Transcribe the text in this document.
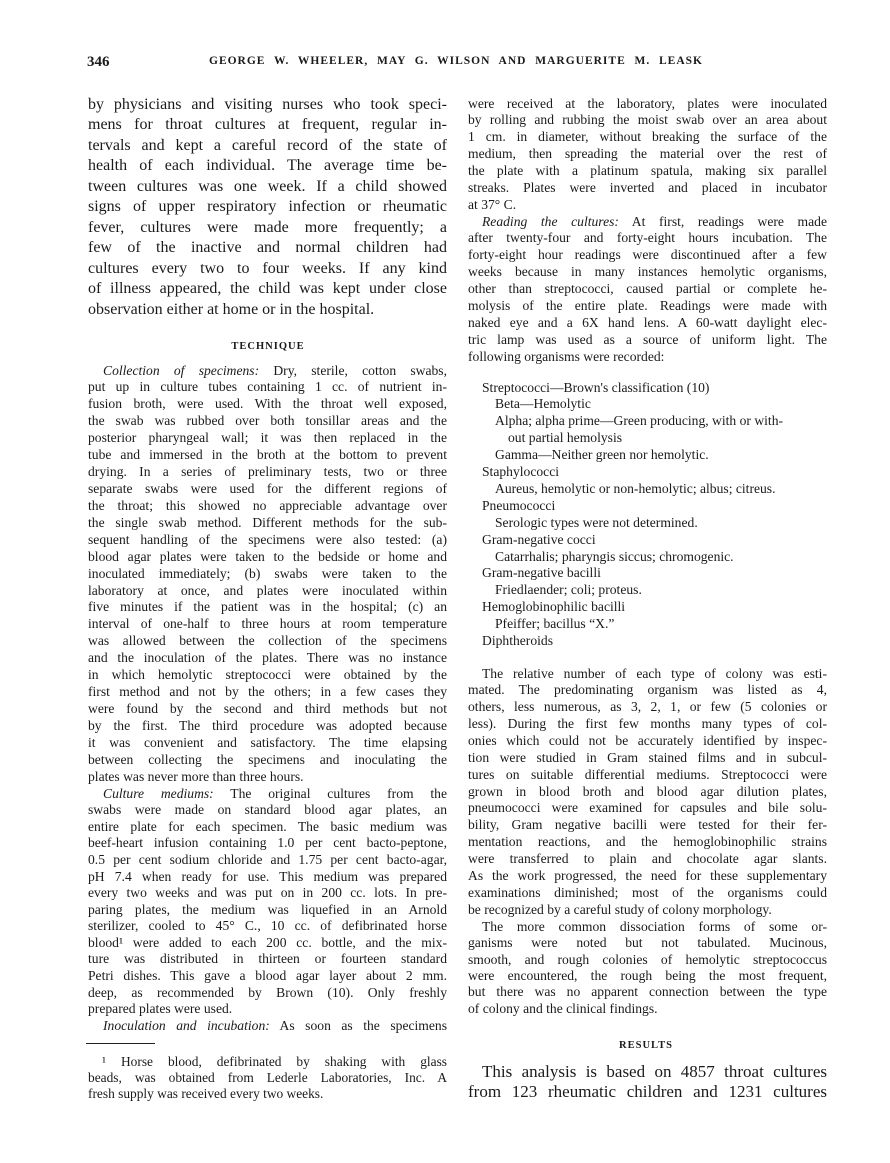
346	GEORGE W. WHEELER, MAY G. WILSON AND MARGUERITE M. LEASK
TECHNIQUE
RESULTS
by physicians and visiting nurses who took speci-
mens for throat cultures at frequent, regular in-
tervals and kept a careful record of the state of
health of each individual. The average time be-
tween cultures was one week. If a child showed
signs of upper respiratory infection or rheumatic
fever, cultures were made more frequently; a
few of the inactive and normal children had
cultures every two to four weeks. If any kind
of illness appeared, the child was kept under close
observation either at home or in the hospital.
Collection of specimens: Dry, sterile, cotton swabs,
put up in culture tubes containing 1 cc. of nutrient in-
fusion broth, were used. With the throat well exposed,
the swab was rubbed over both tonsillar areas and the
posterior pharyngeal wall; it was then replaced in the
tube and immersed in the broth at the bottom to prevent
drying. In a series of preliminary tests, two or three
separate swabs were used for the different regions of
the throat; this showed no appreciable advantage over
the single swab method. Different methods for the sub-
sequent handling of the specimens were also tested: (a)
blood agar plates were taken to the bedside or home and
inoculated immediately; (b) swabs were taken to the
laboratory at once, and plates were inoculated within
five minutes if the patient was in the hospital; (c) an
interval of one-half to three hours at room temperature
was allowed between the collection of the specimens
and the inoculation of the plates. There was no instance
in which hemolytic streptococci were obtained by the
first method and not by the others; in a few cases they
were found by the second and third methods but not
by the first. The third procedure was adopted because
it was convenient and satisfactory. The time elapsing
between collecting the specimens and inoculating the
plates was never more than three hours.
Culture mediums: The original cultures from the
swabs were made on standard blood agar plates, an
entire plate for each specimen. The basic medium was
beef-heart infusion containing 1.0 per cent bacto-peptone,
0.5 per cent sodium chloride and 1.75 per cent bacto-agar,
pH 7.4 when ready for use. This medium was prepared
every two weeks and was put on in 200 cc. lots. In pre-
paring plates, the medium was liquefied in an Arnold
sterilizer, cooled to 45° C., 10 cc. of defibrinated horse
blood¹ were added to each 200 cc. bottle, and the mix-
ture was distributed in thirteen or fourteen standard
Petri dishes. This gave a blood agar layer about 2 mm.
deep, as recommended by Brown (10). Only freshly
prepared plates were used.
Inoculation and incubation: As soon as the specimens
¹ Horse blood, defibrinated by shaking with glass
beads, was obtained from Lederle Laboratories, Inc. A
fresh supply was received every two weeks.
were received at the laboratory, plates were inoculated
by rolling and rubbing the moist swab over an area about
1 cm. in diameter, without breaking the surface of the
medium, then spreading the material over the rest of
the plate with a platinum spatula, making six parallel
streaks. Plates were inverted and placed in incubator
at 37° C.
Reading the cultures: At first, readings were made
after twenty-four and forty-eight hours incubation. The
forty-eight hour readings were discontinued after a few
weeks because in many instances hemolytic organisms,
other than streptococci, caused partial or complete he-
molysis of the entire plate. Readings were made with
naked eye and a 6X hand lens. A 60-watt daylight elec-
tric lamp was used as a source of uniform light. The
following organisms were recorded:
Streptococci—Brown's classification (10)
Beta—Hemolytic
Alpha; alpha prime—Green producing, with or with-
out partial hemolysis
Gamma—Neither green nor hemolytic.
Staphylococci
Aureus, hemolytic or non-hemolytic; albus; citreus.
Pneumococci
Serologic types were not determined.
Gram-negative cocci
Catarrhalis; pharyngis siccus; chromogenic.
Gram-negative bacilli
Friedlaender; coli; proteus.
Hemoglobinophilic bacilli
Pfeiffer; bacillus “X.”
Diphtheroids
The relative number of each type of colony was esti-
mated. The predominating organism was listed as 4,
others, less numerous, as 3, 2, 1, or few (5 colonies or
less). During the first few months many types of col-
onies which could not be accurately identified by inspec-
tion were studied in Gram stained films and in subcul-
tures on suitable differential mediums. Streptococci were
grown in blood broth and blood agar dilution plates,
pneumococci were examined for capsules and bile solu-
bility, Gram negative bacilli were tested for their fer-
mentation reactions, and the hemoglobinophilic strains
were transferred to plain and chocolate agar slants.
As the work progressed, the need for these supplementary
examinations diminished; most of the organisms could
be recognized by a careful study of colony morphology.
The more common dissociation forms of some or-
ganisms were noted but not tabulated. Mucinous,
smooth, and rough colonies of hemolytic streptococcus
were encountered, the rough being the most frequent,
but there was no apparent connection between the type
of colony and the clinical findings.
This analysis is based on 4857 throat cultures
from 123 rheumatic children and 1231 cultures
